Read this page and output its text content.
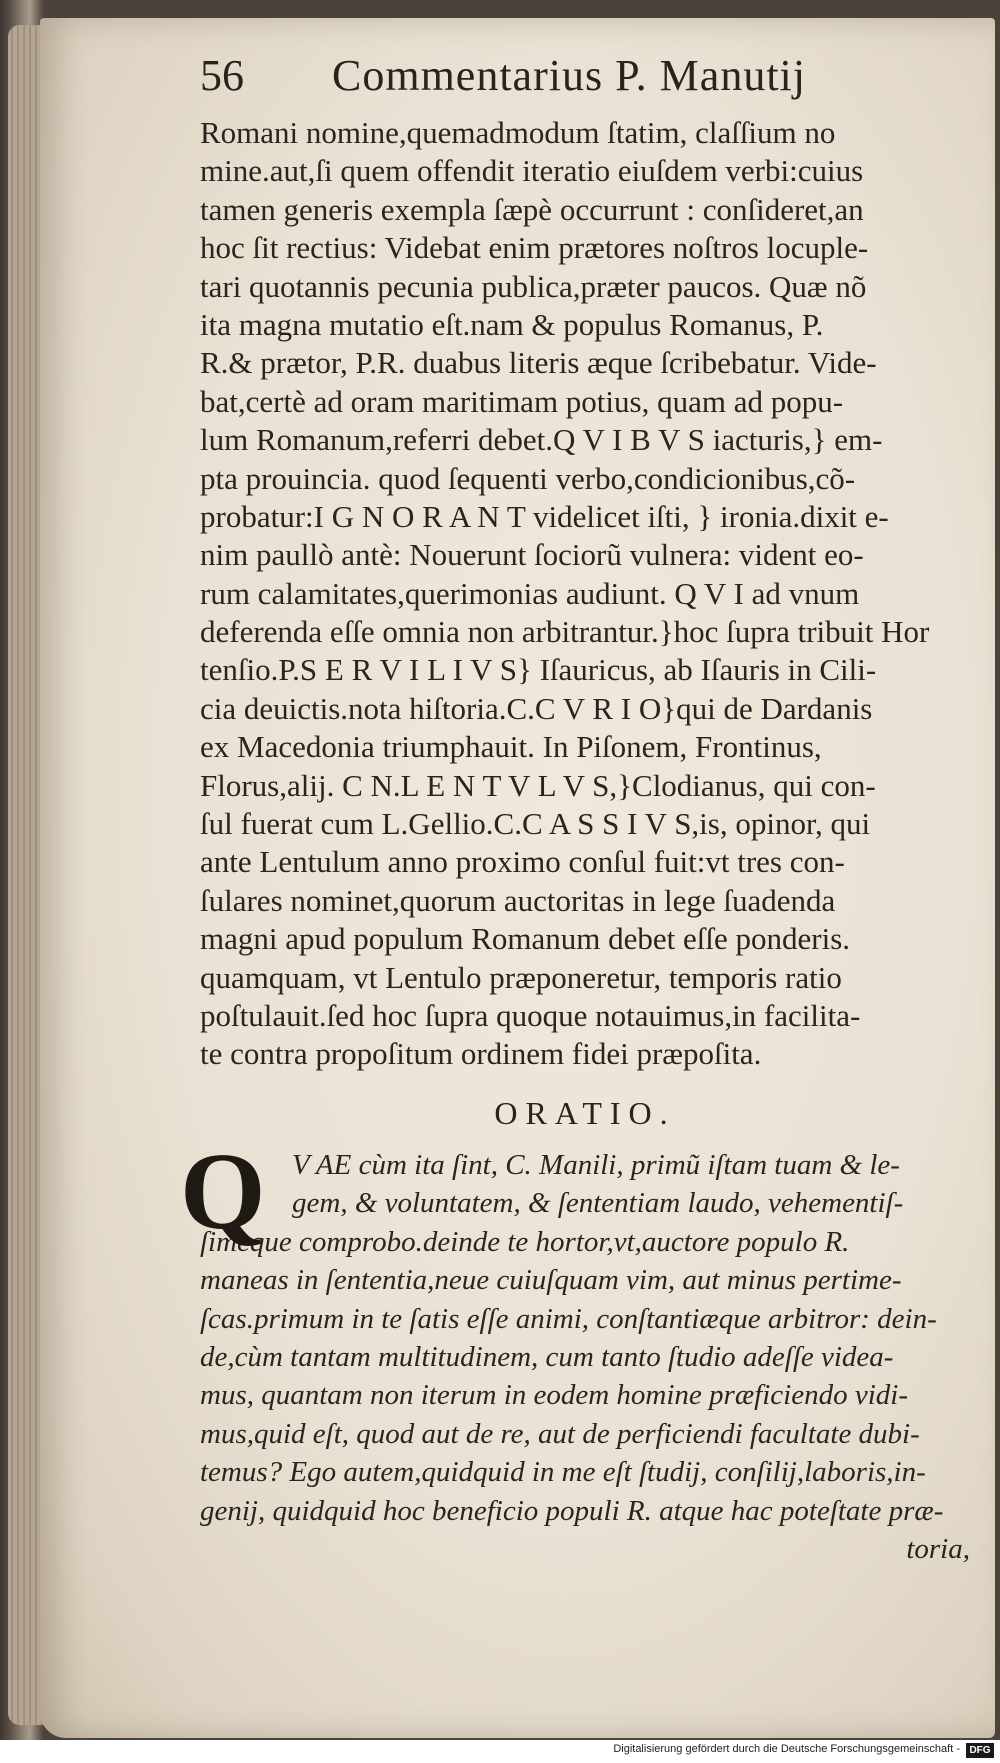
56 Commentarius P. Manutij
Romani nomine,quemadmodum ſtatim, claſſium no
mine.aut,ſi quem offendit iteratio eiuſdem verbi:cuius
tamen generis exempla ſæpè occurrunt : conſideret,an
hoc ſit rectius: Videbat enim prætores noſtros locuple-
tari quotannis pecunia publica,præter paucos. Quæ nõ
ita magna mutatio eſt.nam & populus Romanus, P.
R.& prætor, P.R. duabus literis æque ſcribebatur. Vide-
bat,certè ad oram maritimam potius, quam ad popu-
lum Romanum,referri debet.Q V I B V S iacturis,} em-
pta prouincia. quod ſequenti verbo,condicionibus,cõ-
probatur:I G N O R A N T videlicet iſti, } ironia.dixit e-
nim paullò antè: Nouerunt ſociorũ vulnera: vident eo-
rum calamitates,querimonias audiunt. Q V I ad vnum
deferenda eſſe omnia non arbitrantur.}hoc ſupra tribuit Hor
tenſio.P.S E R V I L I V S} Iſauricus, ab Iſauris in Cili-
cia deuictis.nota hiſtoria.C.C V R I O}qui de Dardanis
ex Macedonia triumphauit. In Piſonem, Frontinus,
Florus,alij. C N.L E N T V L V S,}Clodianus, qui con-
ſul fuerat cum L.Gellio.C.C A S S I V S,is, opinor, qui
ante Lentulum anno proximo conſul fuit:vt tres con-
ſulares nominet,quorum auctoritas in lege ſuadenda
magni apud populum Romanum debet eſſe ponderis.
quamquam, vt Lentulo præponeretur, temporis ratio
poſtulauit.ſed hoc ſupra quoque notauimus,in facilita-
te contra propoſitum ordinem fidei præpoſita.
ORATIO.
Q V AE cùm ita ſint, C. Manili, primũ iſtam tuam & le-
gem, & voluntatem, & ſententiam laudo, vehementiſ-
ſimeque comprobo.deinde te hortor,vt,auctore populo R.
maneas in ſententia,neue cuiuſquam vim, aut minus pertime-
ſcas.primum in te ſatis eſſe animi, conſtantiæque arbitror: dein-
de,cùm tantam multitudinem, cum tanto ſtudio adeſſe videa-
mus, quantam non iterum in eodem homine præficiendo vidi-
mus,quid eſt, quod aut de re, aut de perficiendi facultate dubi-
temus? Ego autem,quidquid in me eſt ſtudij, conſilij,laboris,in-
genij, quidquid hoc beneficio populi R. atque hac poteſtate præ-
toria,
Digitalisierung gefördert durch die Deutsche Forschungsgemeinschaft - DFG
